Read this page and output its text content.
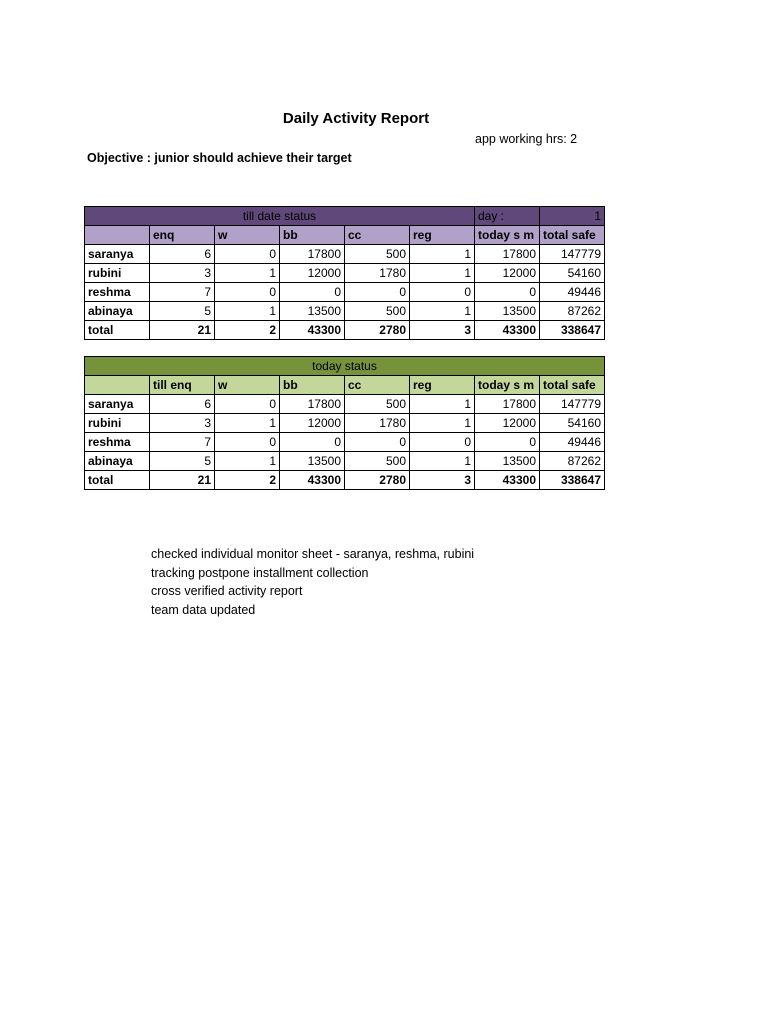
Daily Activity Report
app working hrs: 2
Objective : junior should achieve their target
till date status						day :	1
	enq	w	bb	cc	reg	today s m	total safe
saranya	6	0	17800	500	1	17800	147779
rubini	3	1	12000	1780	1	12000	54160
reshma	7	0	0	0	0	0	49446
abinaya	5	1	13500	500	1	13500	87262
total	21	2	43300	2780	3	43300	338647
today status							
	till enq	w	bb	cc	reg	today s m	total safe
saranya	6	0	17800	500	1	17800	147779
rubini	3	1	12000	1780	1	12000	54160
reshma	7	0	0	0	0	0	49446
abinaya	5	1	13500	500	1	13500	87262
total	21	2	43300	2780	3	43300	338647
checked individual monitor sheet - saranya, reshma, rubini
tracking postpone installment collection
cross verified activity report
team data updated
